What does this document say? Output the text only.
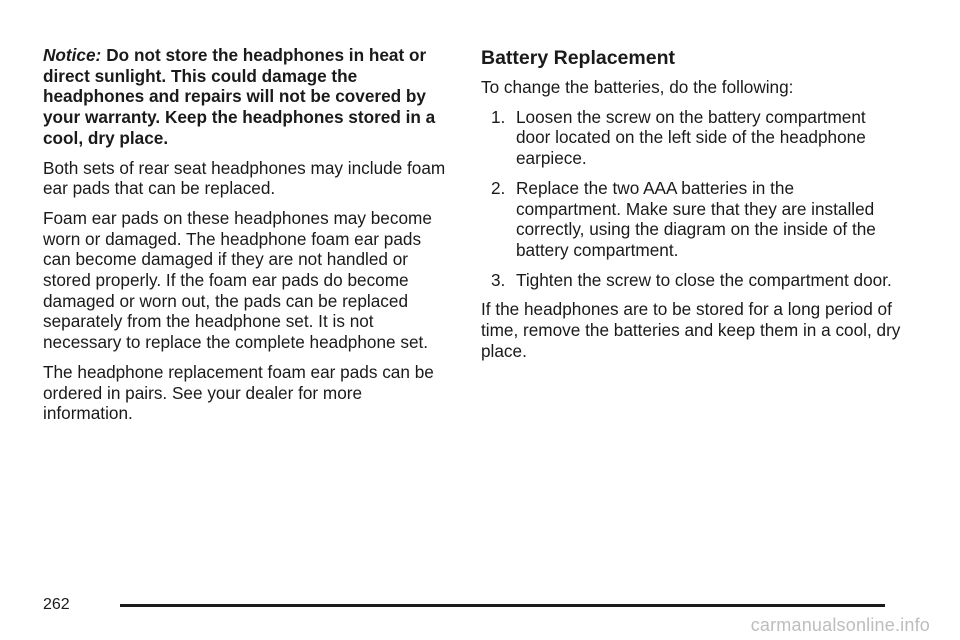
Notice: Do not store the headphones in heat or direct sunlight. This could damage the headphones and repairs will not be covered by your warranty. Keep the headphones stored in a cool, dry place.

Both sets of rear seat headphones may include foam ear pads that can be replaced.

Foam ear pads on these headphones may become worn or damaged. The headphone foam ear pads can become damaged if they are not handled or stored properly. If the foam ear pads do become damaged or worn out, the pads can be replaced separately from the headphone set. It is not necessary to replace the complete headphone set.

The headphone replacement foam ear pads can be ordered in pairs. See your dealer for more information.

Battery Replacement

To change the batteries, do the following:

1. Loosen the screw on the battery compartment door located on the left side of the headphone earpiece.
2. Replace the two AAA batteries in the compartment. Make sure that they are installed correctly, using the diagram on the inside of the battery compartment.
3. Tighten the screw to close the compartment door.

If the headphones are to be stored for a long period of time, remove the batteries and keep them in a cool, dry place.

262
carmanualsonline.info
